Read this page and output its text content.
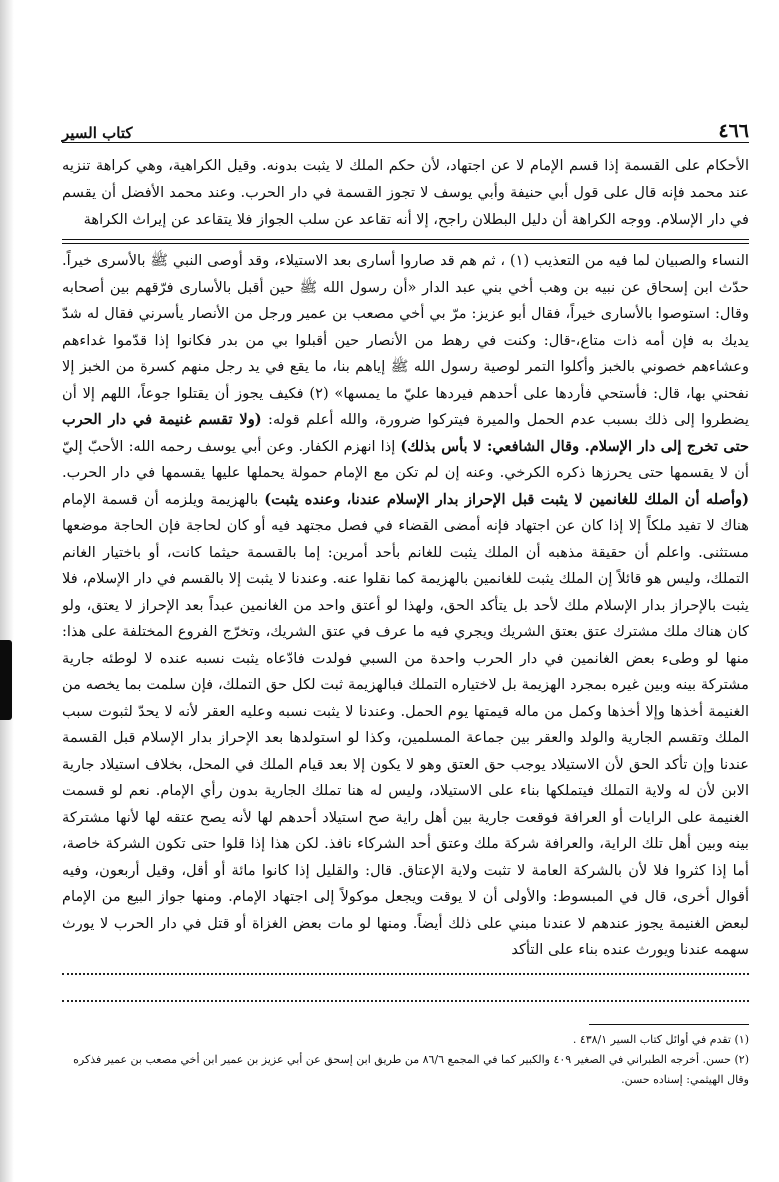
٤٦٦
كتاب السير

الأحكام على القسمة إذا قسم الإمام لا عن اجتهاد، لأن حكم الملك لا يثبت بدونه. وقيل الكراهية، وهي كراهة تنزيه عند محمد فإنه قال على قول أبي حنيفة وأبي يوسف لا تجوز القسمة في دار الحرب. وعند محمد الأفضل أن يقسم في دار الإسلام. ووجه الكراهة أن دليل البطلان راجح، إلا أنه تقاعد عن سلب الجواز فلا يتقاعد عن إيراث الكراهة

النساء والصبيان لما فيه من التعذيب (١) ، ثم هم قد صاروا أسارى بعد الاستيلاء، وقد أوصى النبي ﷺ بالأسرى خيراً. حدّث ابن إسحاق عن نبيه بن وهب أخي بني عبد الدار «أن رسول الله ﷺ حين أقبل بالأسارى فرّقهم بين أصحابه وقال: استوصوا بالأسارى خيراً، فقال أبو عزيز: مرّ بي أخي مصعب بن عمير ورجل من الأنصار يأسرني فقال له شدّ يديك به فإن أمه ذات متاع،-قال: وكنت في رهط من الأنصار حين أقبلوا بي من بدر فكانوا إذا قدّموا غداءهم وعشاءهم خصوني بالخبز وأكلوا التمر لوصية رسول الله ﷺ إياهم بنا، ما يقع في يد رجل منهم كسرة من الخبز إلا نفحني بها، قال: فأستحي فأردها على أحدهم فيردها عليّ ما يمسها» (٢) فكيف يجوز أن يقتلوا جوعاً، اللهم إلا أن يضطروا إلى ذلك بسبب عدم الحمل والميرة فيتركوا ضرورة، والله أعلم قوله: (ولا تقسم غنيمة في دار الحرب حتى تخرج إلى دار الإسلام. وقال الشافعي: لا بأس بذلك) إذا انهزم الكفار. وعن أبي يوسف رحمه الله: الأحبّ إليّ أن لا يقسمها حتى يحرزها ذكره الكرخي. وعنه إن لم تكن مع الإمام حمولة يحملها عليها يقسمها في دار الحرب. (وأصله أن الملك للغانمين لا يثبت قبل الإحراز بدار الإسلام عندنا، وعنده يثبت) بالهزيمة ويلزمه أن قسمة الإمام هناك لا تفيد ملكاً إلا إذا كان عن اجتهاد فإنه أمضى القضاء في فصل مجتهد فيه أو كان لحاجة فإن الحاجة موضعها مستثنى. واعلم أن حقيقة مذهبه أن الملك يثبت للغانم بأحد أمرين: إما بالقسمة حيثما كانت، أو باختيار الغانم التملك، وليس هو قائلاً إن الملك يثبت للغانمين بالهزيمة كما نقلوا عنه. وعندنا لا يثبت إلا بالقسم في دار الإسلام، فلا يثبت بالإحراز بدار الإسلام ملك لأحد بل يتأكد الحق، ولهذا لو أعتق واحد من الغانمين عبداً بعد الإحراز لا يعتق، ولو كان هناك ملك مشترك عتق بعتق الشريك ويجري فيه ما عرف في عتق الشريك، وتخرّج الفروع المختلفة على هذا: منها لو وطىء بعض الغانمين في دار الحرب واحدة من السبي فولدت فادّعاه يثبت نسبه عنده لا لوطئه جارية مشتركة بينه وبين غيره بمجرد الهزيمة بل لاختياره التملك فبالهزيمة ثبت لكل حق التملك، فإن سلمت بما يخصه من الغنيمة أخذها وإلا أخذها وكمل من ماله قيمتها يوم الحمل. وعندنا لا يثبت نسبه وعليه العقر لأنه لا يحدّ لثبوت سبب الملك وتقسم الجارية والولد والعقر بين جماعة المسلمين، وكذا لو استولدها بعد الإحراز بدار الإسلام قبل القسمة عندنا وإن تأكد الحق لأن الاستيلاد يوجب حق العتق وهو لا يكون إلا بعد قيام الملك في المحل، بخلاف استيلاد جارية الابن لأن له ولاية التملك فيتملكها بناء على الاستيلاد، وليس له هنا تملك الجارية بدون رأي الإمام. نعم لو قسمت الغنيمة على الرايات أو العرافة فوقعت جارية بين أهل راية صح استيلاد أحدهم لها لأنه يصح عتقه لها لأنها مشتركة بينه وبين أهل تلك الراية، والعرافة شركة ملك وعتق أحد الشركاء نافذ. لكن هذا إذا قلوا حتى تكون الشركة خاصة، أما إذا كثروا فلا لأن بالشركة العامة لا تثبت ولاية الإعتاق. قال: والقليل إذا كانوا مائة أو أقل، وقيل أربعون، وفيه أقوال أخرى، قال في المبسوط: والأولى أن لا يوقت ويجعل موكولاً إلى اجتهاد الإمام. ومنها جواز البيع من الإمام لبعض الغنيمة يجوز عندهم لا عندنا مبني على ذلك أيضاً. ومنها لو مات بعض الغزاة أو قتل في دار الحرب لا يورث سهمه عندنا ويورث عنده بناء على التأكد

(١) تقدم في أوائل كتاب السير ٤٣٨/١ .

(٢) حسن. أخرجه الطبراني في الصغير ٤٠٩ والكبير كما في المجمع ٨٦/٦ من طريق ابن إسحق عن أبي عزيز بن عمير ابن أخي مصعب بن عمير فذكره وقال الهيثمي: إسناده حسن.
